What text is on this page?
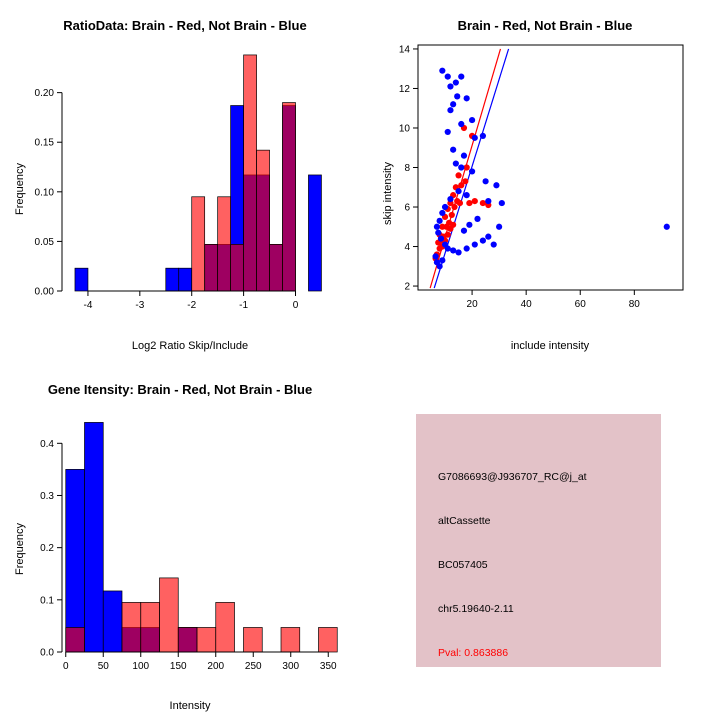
RatioData: Brain - Red, Not Brain - Blue
Frequency
Log2 Ratio Skip/Include
-4	-3	-2	-1	0
0.00
0.05
0.10
0.15
0.20
Brain - Red, Not Brain - Blue
skip intensity
include intensity
20	40	60	80
2
4
6
8
10
12
14
Gene Itensity: Brain - Red, Not Brain - Blue
Frequency
Intensity
0	50 100 150 200 250 300 350
0.0
0.1
0.2
0.3
0.4
G7086693@J936707_RC@j_at
altCassette
BC057405
chr5.19640-2.11
Pval: 0.863886
